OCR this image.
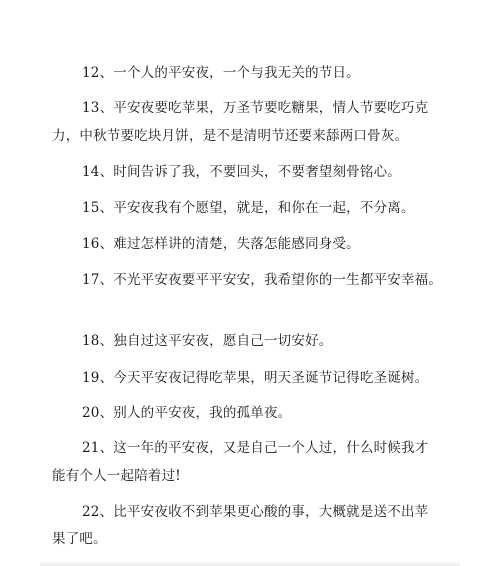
12、一个人的平安夜，一个与我无关的节日。
13、平安夜要吃苹果，万圣节要吃糖果，情人节要吃巧克
力，中秋节要吃块月饼，是不是清明节还要来舔两口骨灰。
14、时间告诉了我，不要回头，不要奢望刻骨铭心。
15、平安夜我有个愿望，就是，和你在一起，不分离。
16、难过怎样讲的清楚，失落怎能感同身受。
17、不光平安夜要平平安安，我希望你的一生都平安幸福。
18、独自过这平安夜，愿自己一切安好。
19、今天平安夜记得吃苹果，明天圣诞节记得吃圣诞树。
20、别人的平安夜，我的孤单夜。
21、这一年的平安夜，又是自己一个人过，什么时候我才
能有个人一起陪着过!
22、比平安夜收不到苹果更心酸的事，大概就是送不出苹
果了吧。
